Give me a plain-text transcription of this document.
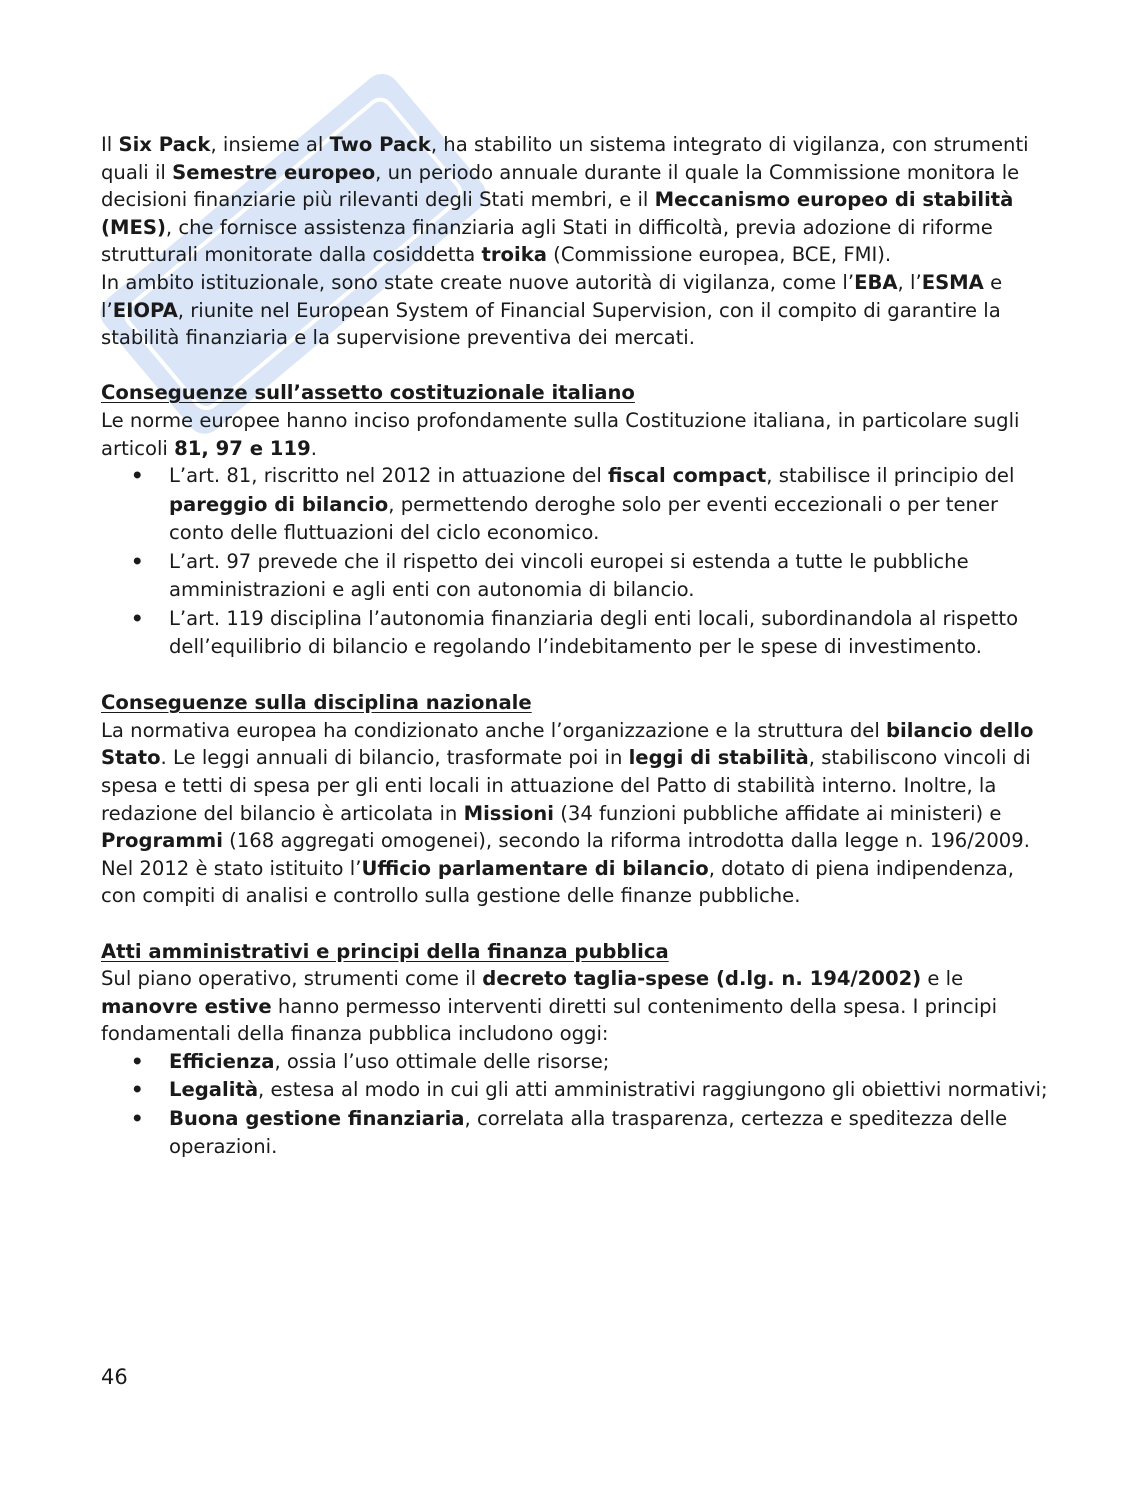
Il Six Pack, insieme al Two Pack, ha stabilito un sistema integrato di vigilanza, con strumenti quali il Semestre europeo, un periodo annuale durante il quale la Commissione monitora le decisioni finanziarie più rilevanti degli Stati membri, e il Meccanismo europeo di stabilità (MES), che fornisce assistenza finanziaria agli Stati in difficoltà, previa adozione di riforme strutturali monitorate dalla cosiddetta troika (Commissione europea, BCE, FMI).

In ambito istituzionale, sono state create nuove autorità di vigilanza, come l’EBA, l’ESMA e l’EIOPA, riunite nel European System of Financial Supervision, con il compito di garantire la stabilità finanziaria e la supervisione preventiva dei mercati.

Conseguenze sull’assetto costituzionale italiano

Le norme europee hanno inciso profondamente sulla Costituzione italiana, in particolare sugli articoli 81, 97 e 119.

• L’art. 81, riscritto nel 2012 in attuazione del fiscal compact, stabilisce il principio del pareggio di bilancio, permettendo deroghe solo per eventi eccezionali o per tener conto delle fluttuazioni del ciclo economico.
• L’art. 97 prevede che il rispetto dei vincoli europei si estenda a tutte le pubbliche amministrazioni e agli enti con autonomia di bilancio.
• L’art. 119 disciplina l’autonomia finanziaria degli enti locali, subordinandola al rispetto dell’equilibrio di bilancio e regolando l’indebitamento per le spese di investimento.

Conseguenze sulla disciplina nazionale

La normativa europea ha condizionato anche l’organizzazione e la struttura del bilancio dello Stato. Le leggi annuali di bilancio, trasformate poi in leggi di stabilità, stabiliscono vincoli di spesa e tetti di spesa per gli enti locali in attuazione del Patto di stabilità interno. Inoltre, la redazione del bilancio è articolata in Missioni (34 funzioni pubbliche affidate ai ministeri) e Programmi (168 aggregati omogenei), secondo la riforma introdotta dalla legge n. 196/2009.

Nel 2012 è stato istituito l’Ufficio parlamentare di bilancio, dotato di piena indipendenza, con compiti di analisi e controllo sulla gestione delle finanze pubbliche.

Atti amministrativi e principi della finanza pubblica

Sul piano operativo, strumenti come il decreto taglia-spese (d.lg. n. 194/2002) e le manovre estive hanno permesso interventi diretti sul contenimento della spesa. I principi fondamentali della finanza pubblica includono oggi:

• Efficienza, ossia l’uso ottimale delle risorse;
• Legalità, estesa al modo in cui gli atti amministrativi raggiungono gli obiettivi normativi;
• Buona gestione finanziaria, correlata alla trasparenza, certezza e speditezza delle operazioni.
46
